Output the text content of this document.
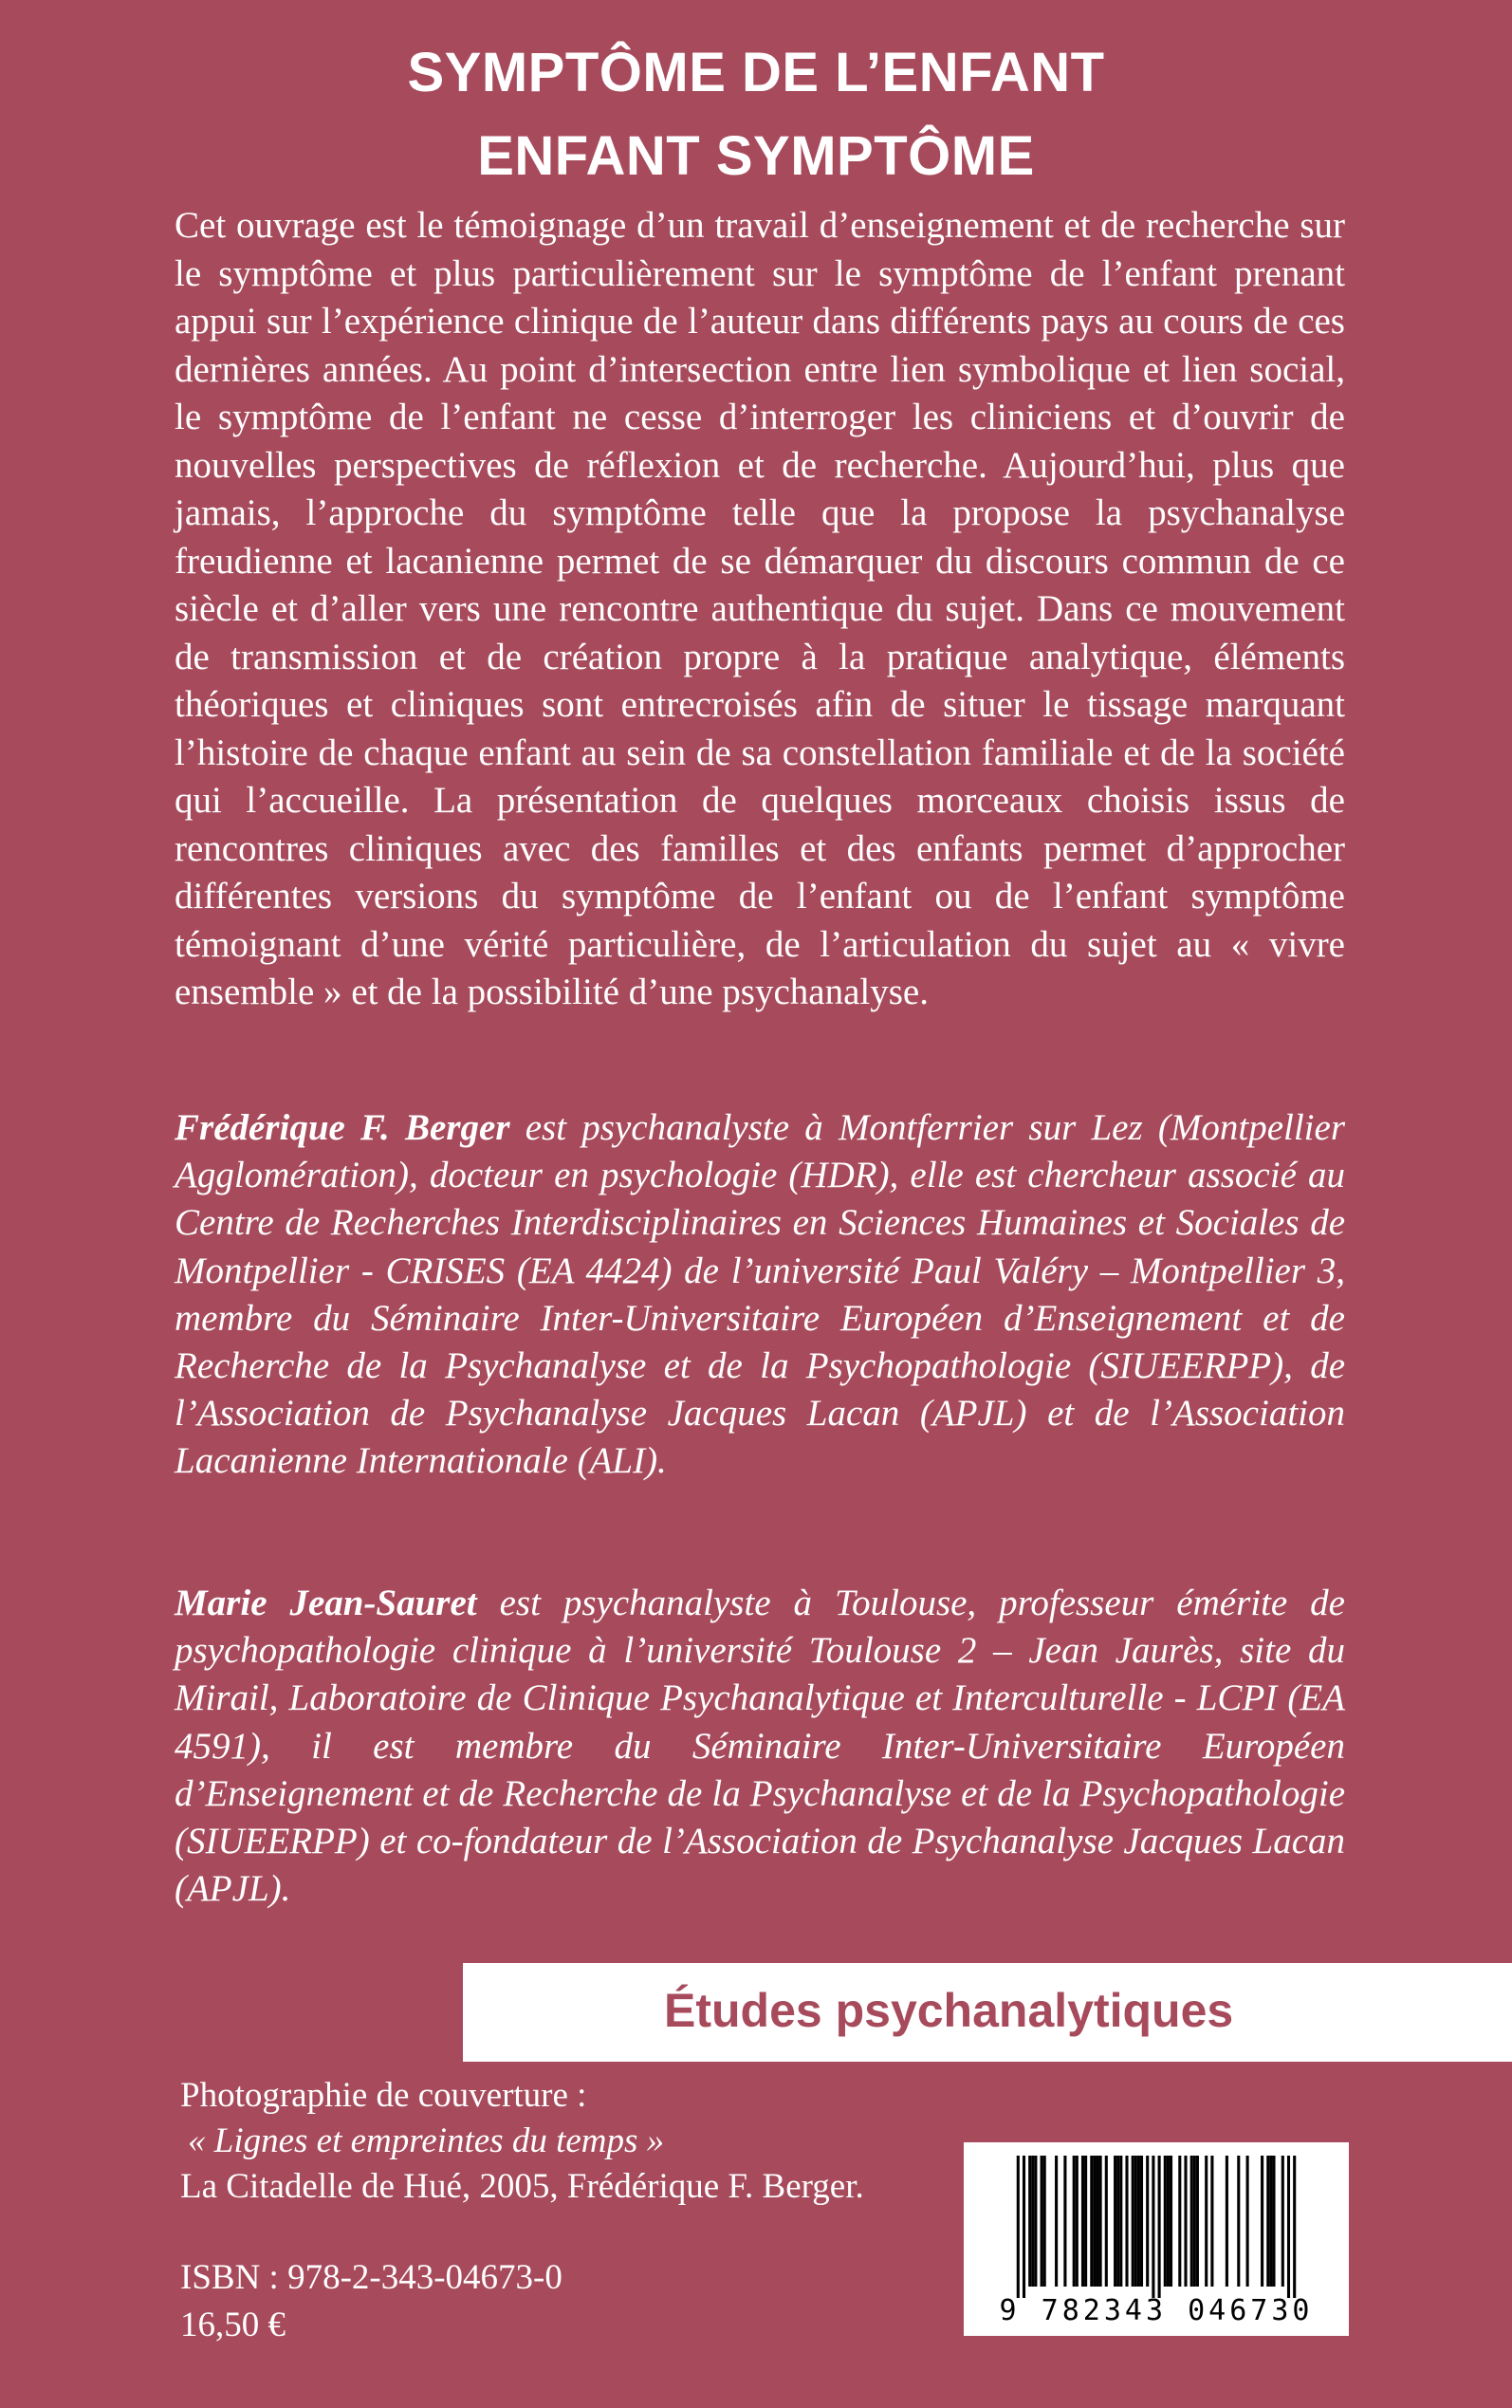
SYMPTÔME DE L’ENFANT
ENFANT SYMPTÔME

Cet ouvrage est le témoignage d’un travail d’enseignement et de recherche sur le symptôme et plus particulièrement sur le symptôme de l’enfant prenant appui sur l’expérience clinique de l’auteur dans différents pays au cours de ces dernières années. Au point d’intersection entre lien symbolique et lien social, le symptôme de l’enfant ne cesse d’interroger les cliniciens et d’ouvrir de nouvelles perspectives de réflexion et de recherche. Aujourd’hui, plus que jamais, l’approche du symptôme telle que la propose la psychanalyse freudienne et lacanienne permet de se démarquer du discours commun de ce siècle et d’aller vers une rencontre authentique du sujet. Dans ce mouvement de transmission et de création propre à la pratique analytique, éléments théoriques et cliniques sont entrecroisés afin de situer le tissage marquant l’histoire de chaque enfant au sein de sa constellation familiale et de la société qui l’accueille. La présentation de quelques morceaux choisis issus de rencontres cliniques avec des familles et des enfants permet d’approcher différentes versions du symptôme de l’enfant ou de l’enfant symptôme témoignant d’une vérité particulière, de l’articulation du sujet au « vivre ensemble » et de la possibilité d’une psychanalyse.

Frédérique F. Berger est psychanalyste à Montferrier sur Lez (Montpellier Agglomération), docteur en psychologie (HDR), elle est chercheur associé au Centre de Recherches Interdisciplinaires en Sciences Humaines et Sociales de Montpellier - CRISES (EA 4424) de l’université Paul Valéry – Montpellier 3, membre du Séminaire Inter-Universitaire Européen d’Enseignement et de Recherche de la Psychanalyse et de la Psychopathologie (SIUEERPP), de l’Association de Psychanalyse Jacques Lacan (APJL) et de l’Association Lacanienne Internationale (ALI).

Marie Jean-Sauret est psychanalyste à Toulouse, professeur émérite de psychopathologie clinique à l’université Toulouse 2 – Jean Jaurès, site du Mirail, Laboratoire de Clinique Psychanalytique et Interculturelle - LCPI (EA 4591), il est membre du Séminaire Inter-Universitaire Européen d’Enseignement et de Recherche de la Psychanalyse et de la Psychopathologie (SIUEERPP) et co-fondateur de l’Association de Psychanalyse Jacques Lacan (APJL).

Études psychanalytiques
Photographie de couverture :
« Lignes et empreintes du temps »
La Citadelle de Hué, 2005, Frédérique F. Berger.
ISBN : 978-2-343-04673-0
16,50 €	9 782343 046730
